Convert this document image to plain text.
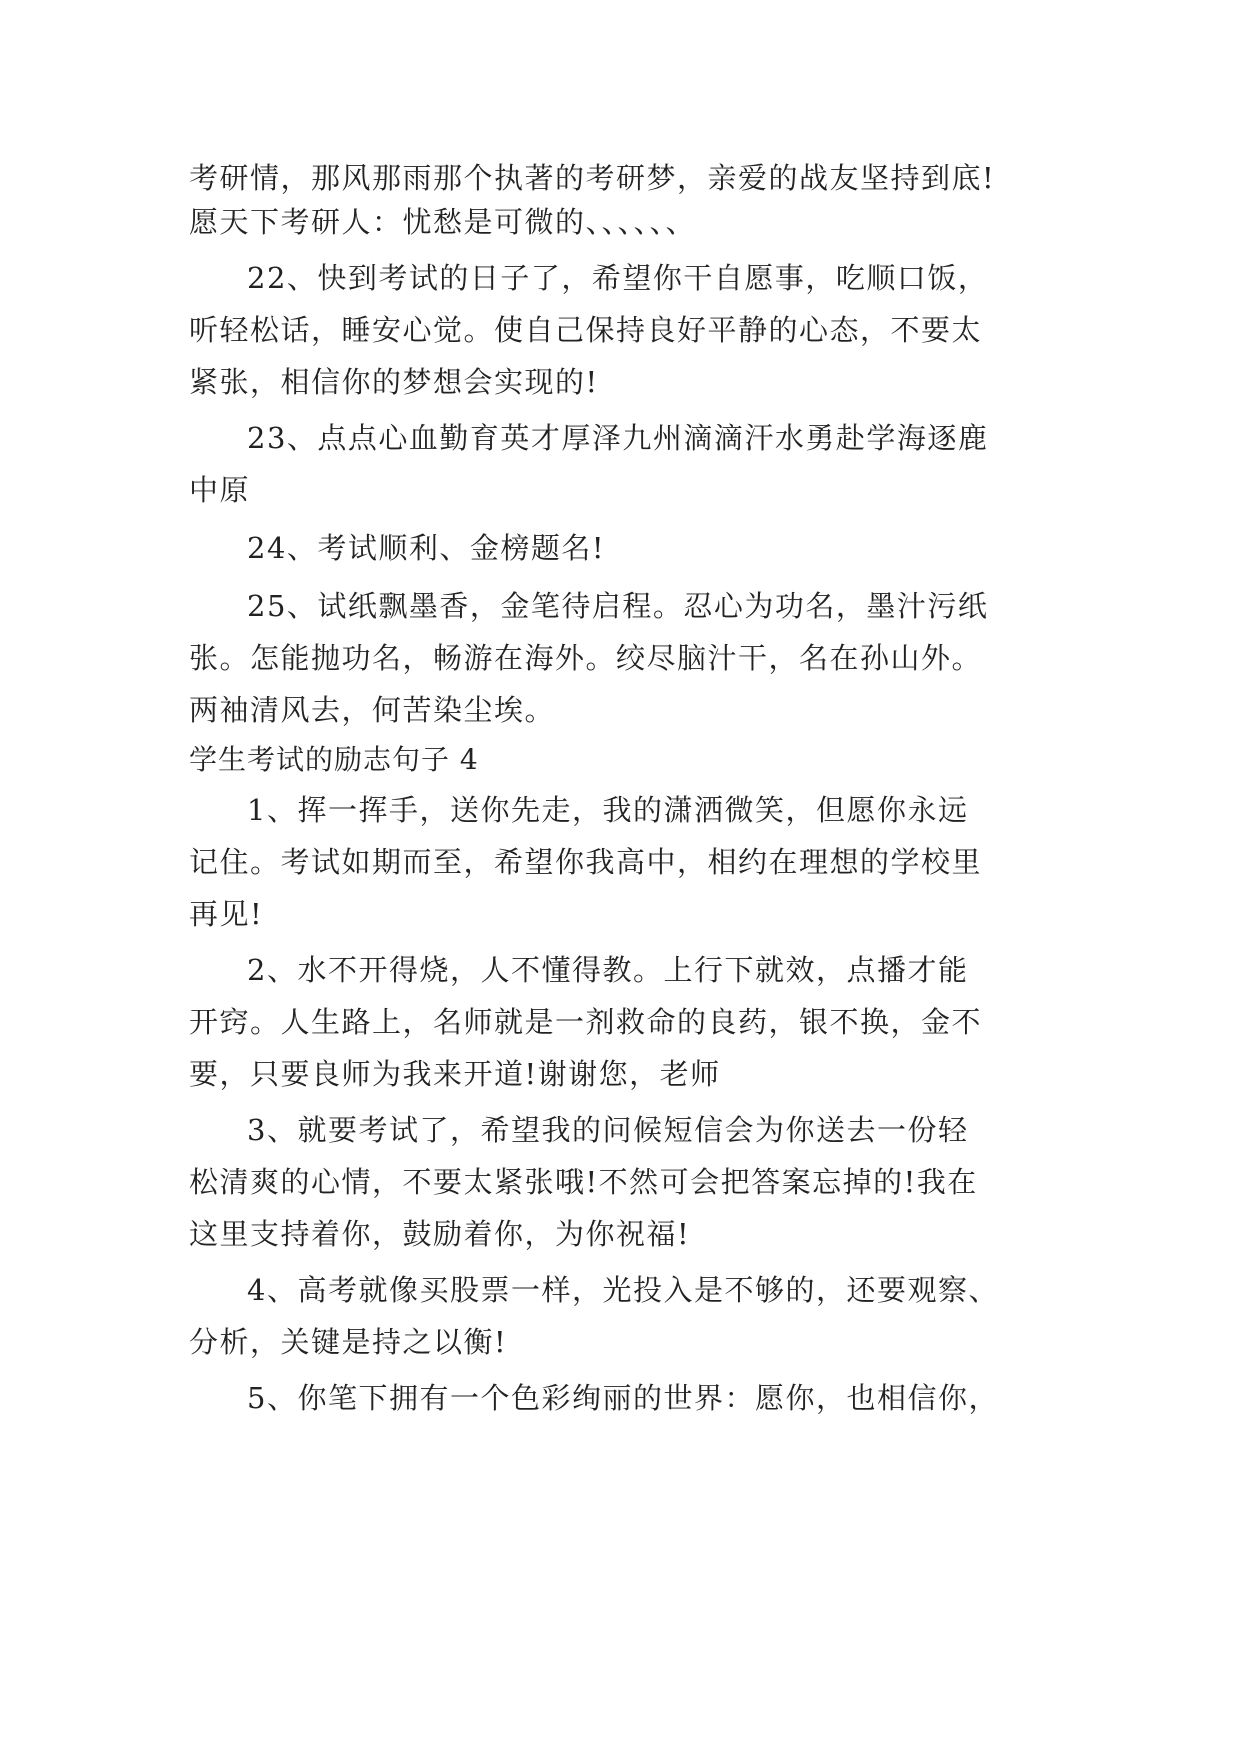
考研情，那风那雨那个执著的考研梦，亲爱的战友坚持到底!
愿天下考研人：忧愁是可微的、、、、、、
22、快到考试的日子了，希望你干自愿事，吃顺口饭，
听轻松话，睡安心觉。使自己保持良好平静的心态，不要太
紧张，相信你的梦想会实现的!
23、点点心血勤育英才厚泽九州滴滴汗水勇赴学海逐鹿
中原
24、考试顺利、金榜题名!
25、试纸飘墨香，金笔待启程。忍心为功名，墨汁污纸
张。怎能抛功名，畅游在海外。绞尽脑汁干，名在孙山外。
两袖清风去，何苦染尘埃。
学生考试的励志句子 4
1、挥一挥手，送你先走，我的潇洒微笑，但愿你永远
记住。考试如期而至，希望你我高中，相约在理想的学校里
再见!
2、水不开得烧，人不懂得教。上行下就效，点播才能
开窍。人生路上，名师就是一剂救命的良药，银不换，金不
要，只要良师为我来开道!谢谢您，老师
3、就要考试了，希望我的问候短信会为你送去一份轻
松清爽的心情，不要太紧张哦!不然可会把答案忘掉的!我在
这里支持着你，鼓励着你，为你祝福!
4、高考就像买股票一样，光投入是不够的，还要观察、
分析，关键是持之以衡!
5、你笔下拥有一个色彩绚丽的世界：愿你，也相信你，
